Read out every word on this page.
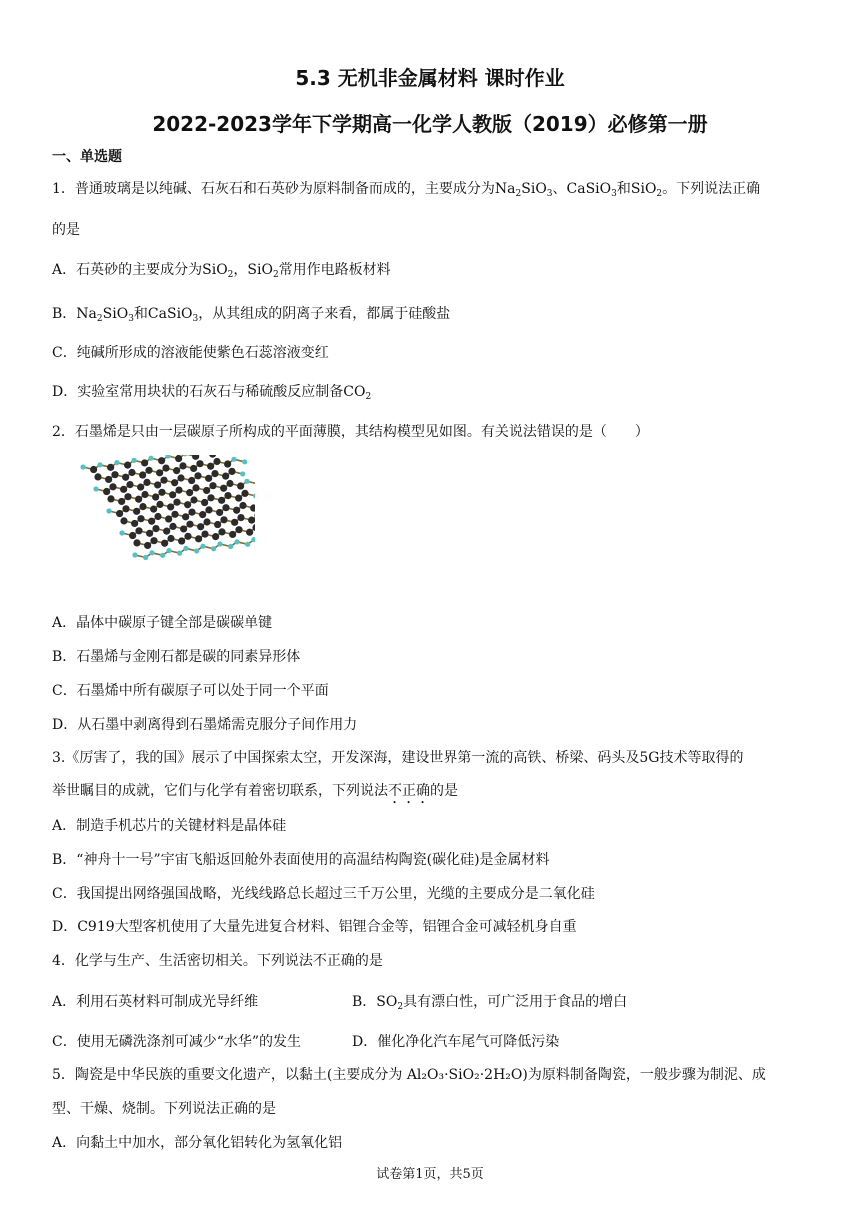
5.3 无机非金属材料 课时作业
2022-2023学年下学期高一化学人教版（2019）必修第一册
一、单选题
1．普通玻璃是以纯碱、石灰石和石英砂为原料制备而成的，主要成分为$Na_2SiO_3$、CaSiO$_3$和SiO$_2$。下列说法正确
的是
A．石英砂的主要成分为SiO$_2$，SiO$_2$常用作电路板材料
B．$Na_2SiO_3$和CaSiO$_3$，从其组成的阴离子来看，都属于硅酸盐
C．纯碱所形成的溶液能使紫色石蕊溶液变红
D．实验室常用块状的石灰石与稀硫酸反应制备$CO_2$
2．石墨烯是只由一层碳原子所构成的平面薄膜，其结构模型见如图。有关说法错误的是（　　）
A．晶体中碳原子键全部是碳碳单键
B．石墨烯与金刚石都是碳的同素异形体
C．石墨烯中所有碳原子可以处于同一个平面
D．从石墨中剥离得到石墨烯需克服分子间作用力
3.《厉害了，我的国》展示了中国探索太空，开发深海，建设世界第一流的高铁、桥梁、码头及5G技术等取得的
举世瞩目的成就，它们与化学有着密切联系，下列说法不正确的是
A．制造手机芯片的关键材料是晶体硅
B．“神舟十一号”宇宙飞船返回舱外表面使用的高温结构陶瓷(碳化硅)是金属材料
C．我国提出网络强国战略，光线线路总长超过三千万公里，光缆的主要成分是二氧化硅
D．C919大型客机使用了大量先进复合材料、铝锂合金等，铝锂合金可减轻机身自重
4．化学与生产、生活密切相关。下列说法不正确的是
A．利用石英材料可制成光导纤维	B．$SO_2$具有漂白性，可广泛用于食品的增白
C．使用无磷洗涤剂可减少“水华”的发生	D．催化净化汽车尾气可降低污染
5．陶瓷是中华民族的重要文化遗产，以黏土(主要成分为 Al₂O₃·SiO₂·2H₂O)为原料制备陶瓷，一般步骤为制泥、成
型、干燥、烧制。下列说法正确的是
A．向黏土中加水，部分氧化铝转化为氢氧化铝
试卷第1页，共5页
